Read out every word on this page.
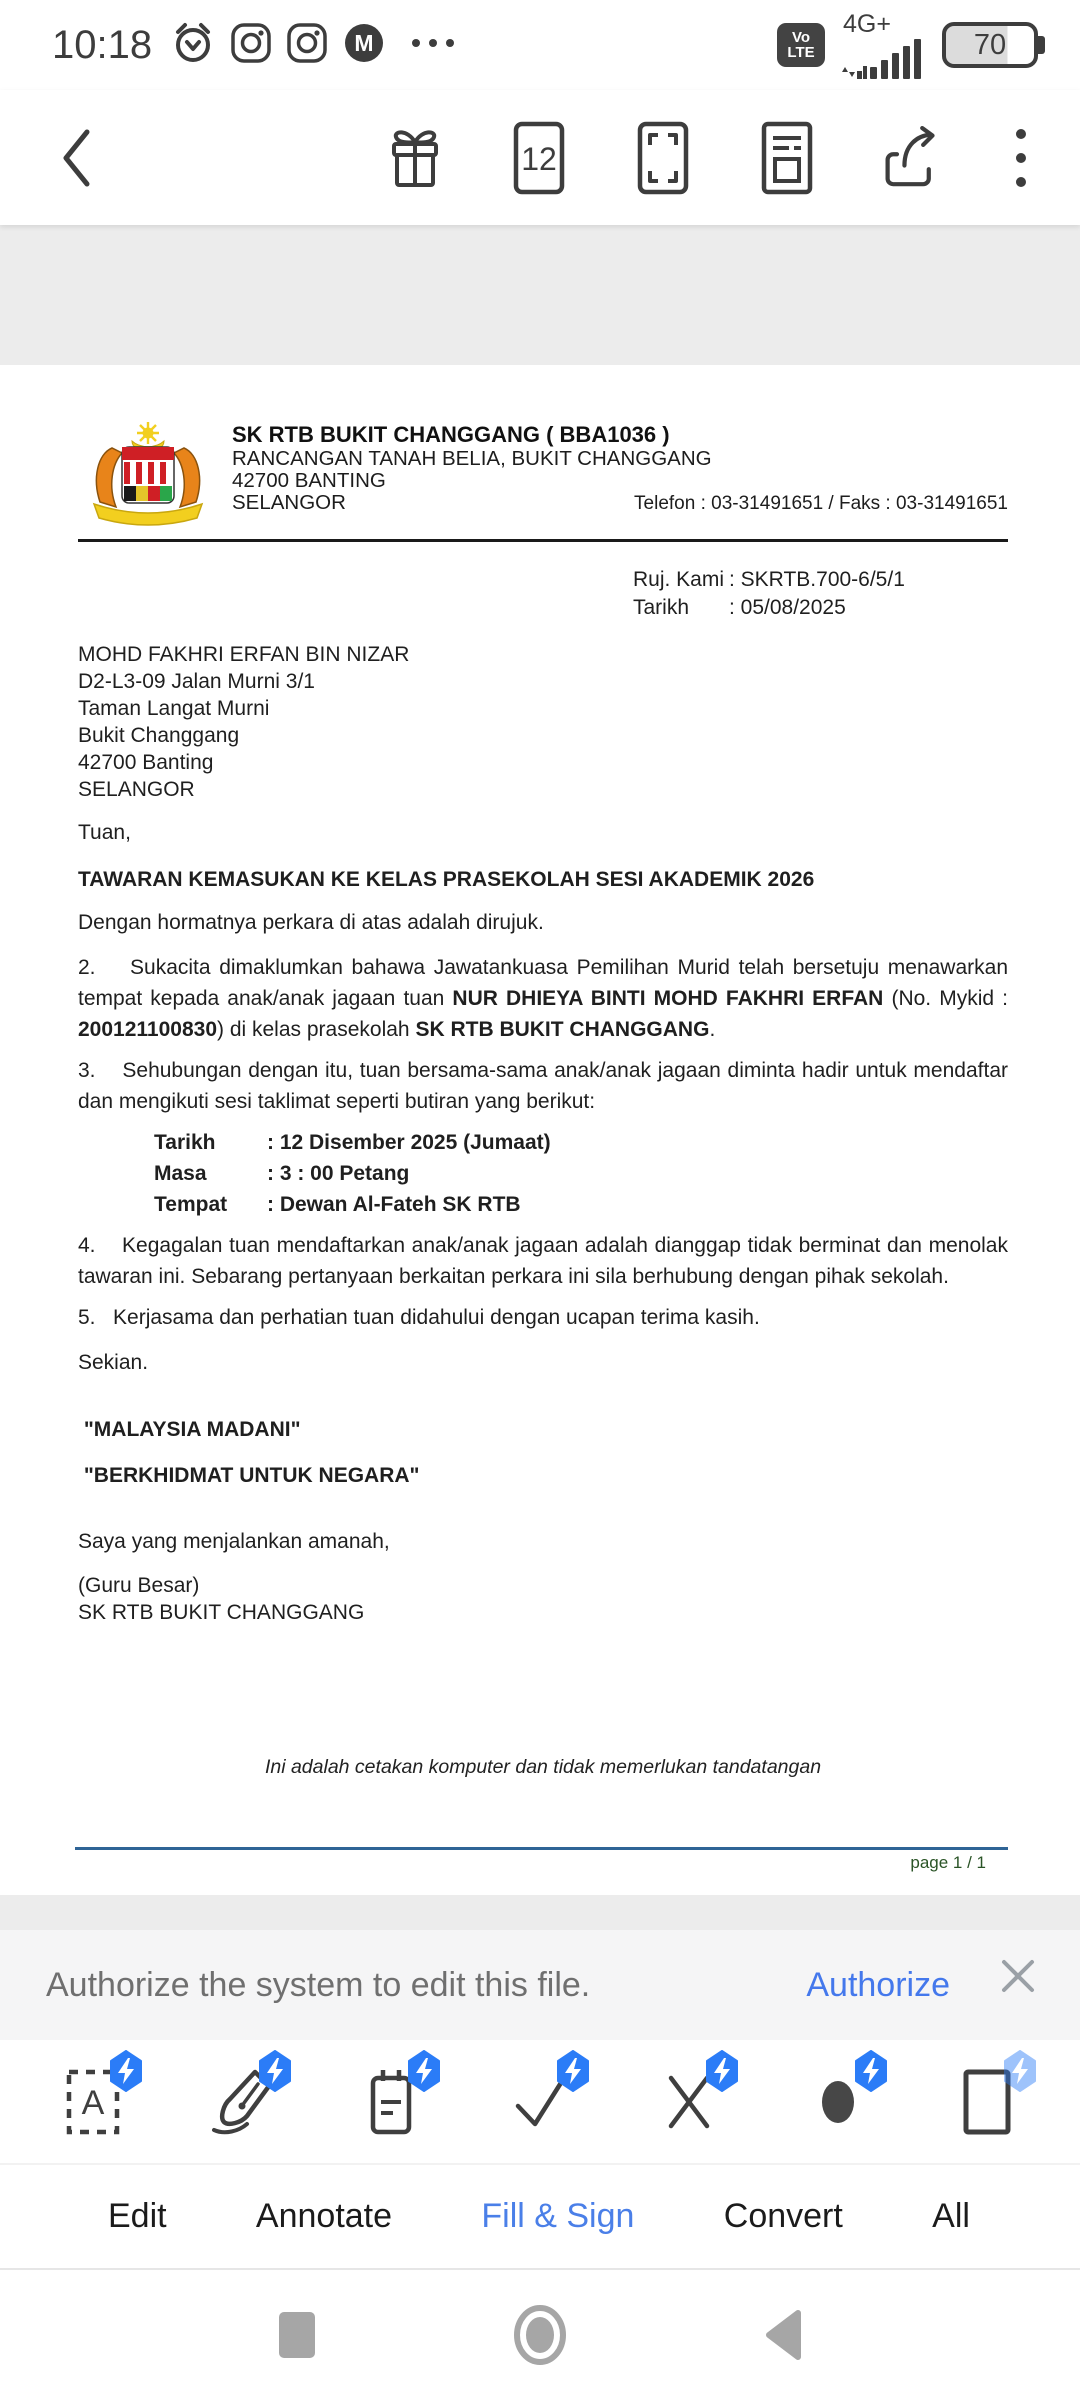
10:18	M	Vo
LTE
4G+
70
12
SK RTB BUKIT CHANGGANG ( BBA1036 )
RANCANGAN TANAH BELIA, BUKIT CHANGGANG
42700 BANTING
SELANGOR	Telefon : 03-31491651 / Faks : 03-31491651
Ruj. Kami : SKRTB.700-6/5/1
Tarikh	: 05/08/2025
MOHD FAKHRI ERFAN BIN NIZAR
D2-L3-09 Jalan Murni 3/1
Taman Langat Murni
Bukit Changgang
42700 Banting
SELANGOR
Tuan,
TAWARAN KEMASUKAN KE KELAS PRASEKOLAH SESI AKADEMIK 2026

Dengan hormatnya perkara di atas adalah dirujuk.

2.    Sukacita dimaklumkan bahawa Jawatankuasa Pemilihan Murid telah bersetuju menawarkan tempat kepada anak/anak jagaan tuan NUR DHIEYA BINTI MOHD FAKHRI ERFAN (No. Mykid : 200121100830) di kelas prasekolah SK RTB BUKIT CHANGGANG.

3.    Sehubungan dengan itu, tuan bersama-sama anak/anak jagaan diminta hadir untuk mendaftar dan mengikuti sesi taklimat seperti butiran yang berikut:

Tarikh	: 12 Disember 2025 (Jumaat)
Masa	: 3 : 00 Petang
Tempat	: Dewan Al-Fateh SK RTB

4.    Kegagalan tuan mendaftarkan anak/anak jagaan adalah dianggap tidak berminat dan menolak tawaran ini. Sebarang pertanyaan berkaitan perkara ini sila berhubung dengan pihak sekolah.

5.   Kerjasama dan perhatian tuan didahului dengan ucapan terima kasih.

Sekian.

"MALAYSIA MADANI"

"BERKHIDMAT UNTUK NEGARA"

Saya yang menjalankan amanah,

(Guru Besar)
SK RTB BUKIT CHANGGANG

Ini adalah cetakan komputer dan tidak memerlukan tandatangan

page 1 / 1
Authorize the system to edit this file.	Authorize
A
Edit	Annotate	Fill & Sign	Convert	All
